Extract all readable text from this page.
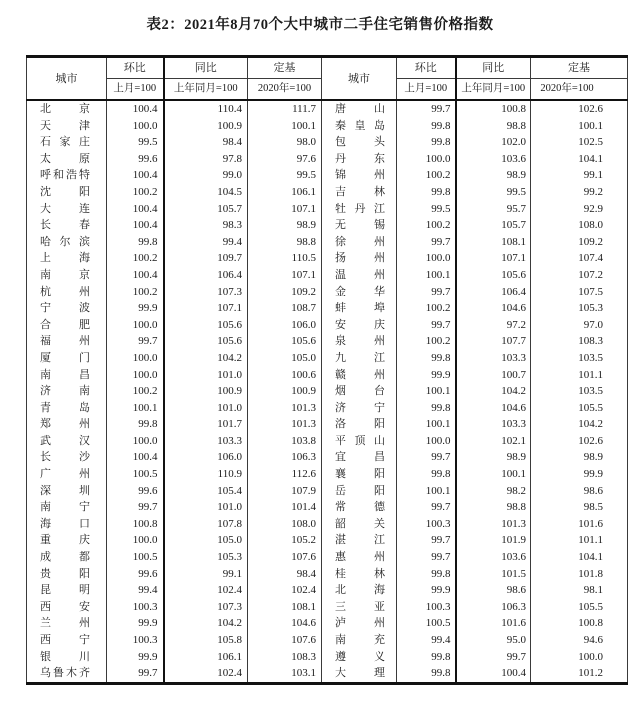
表2：2021年8月70个大中城市二手住宅销售价格指数
城市	环比	同比	定基	城市	环比	同比	定基
	上月=100	上年同月=100	2020年=100		上月=100	上年同月=100	2020年=100

北京	100.4	110.4	111.7	唐山	99.7	100.8	102.6

天津	100.0	100.9	100.1	秦皇岛	99.8	98.8	100.1

石家庄	99.5	98.4	98.0	包头	99.8	102.0	102.5

太原	99.6	97.8	97.6	丹东	100.0	103.6	104.1

呼和浩特	100.4	99.0	99.5	锦州	100.2	98.9	99.1

沈阳	100.2	104.5	106.1	吉林	99.8	99.5	99.2

大连	100.4	105.7	107.1	牡丹江	99.5	95.7	92.9

长春	100.4	98.3	98.9	无锡	100.2	105.7	108.0

哈尔滨	99.8	99.4	98.8	徐州	99.7	108.1	109.2

上海	100.2	109.7	110.5	扬州	100.0	107.1	107.4

南京	100.4	106.4	107.1	温州	100.1	105.6	107.2

杭州	100.2	107.3	109.2	金华	99.7	106.4	107.5

宁波	99.9	107.1	108.7	蚌埠	100.2	104.6	105.3

合肥	100.0	105.6	106.0	安庆	99.7	97.2	97.0

福州	99.7	105.6	105.6	泉州	100.2	107.7	108.3

厦门	100.0	104.2	105.0	九江	99.8	103.3	103.5

南昌	100.0	101.0	100.6	赣州	99.9	100.7	101.1

济南	100.2	100.9	100.9	烟台	100.1	104.2	103.5

青岛	100.1	101.0	101.3	济宁	99.8	104.6	105.5

郑州	99.8	101.7	101.3	洛阳	100.1	103.3	104.2

武汉	100.0	103.3	103.8	平顶山	100.0	102.1	102.6

长沙	100.4	106.0	106.3	宜昌	99.7	98.9	98.9

广州	100.5	110.9	112.6	襄阳	99.8	100.1	99.9

深圳	99.6	105.4	107.9	岳阳	100.1	98.2	98.6

南宁	99.7	101.0	101.4	常德	99.7	98.8	98.5

海口	100.8	107.8	108.0	韶关	100.3	101.3	101.6

重庆	100.0	105.0	105.2	湛江	99.7	101.9	101.1

成都	100.5	105.3	107.6	惠州	99.7	103.6	104.1

贵阳	99.6	99.1	98.4	桂林	99.8	101.5	101.8

昆明	99.4	102.4	102.4	北海	99.9	98.6	98.1

西安	100.3	107.3	108.1	三亚	100.3	106.3	105.5

兰州	99.9	104.2	104.6	泸州	100.5	101.6	100.8

西宁	100.3	105.8	107.6	南充	99.4	95.0	94.6

银川	99.9	106.1	108.3	遵义	99.8	99.7	100.0

乌鲁木齐	99.7	102.4	103.1	大理	99.8	100.4	101.2
